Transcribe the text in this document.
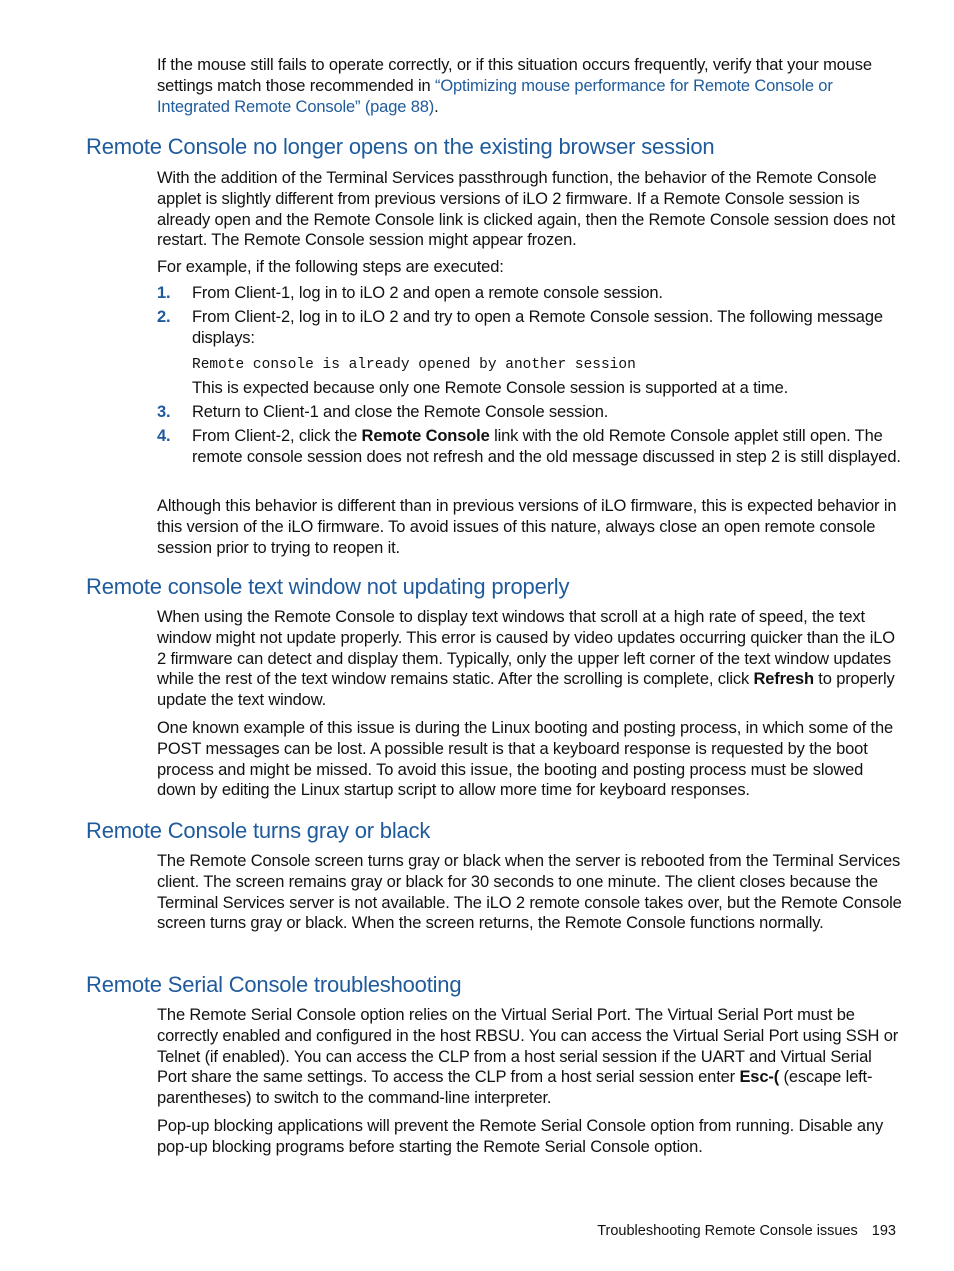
If the mouse still fails to operate correctly, or if this situation occurs frequently, verify that your mouse settings match those recommended in “Optimizing mouse performance for Remote Console or Integrated Remote Console” (page 88).

Remote Console no longer opens on the existing browser session

With the addition of the Terminal Services passthrough function, the behavior of the Remote Console applet is slightly different from previous versions of iLO 2 firmware. If a Remote Console session is already open and the Remote Console link is clicked again, then the Remote Console session does not restart. The Remote Console session might appear frozen.

For example, if the following steps are executed:

1. From Client-1, log in to iLO 2 and open a remote console session.
2. From Client-2, log in to iLO 2 and try to open a Remote Console session. The following message displays:
Remote console is already opened by another session

This is expected because only one Remote Console session is supported at a time.

3. Return to Client-1 and close the Remote Console session.
4. From Client-2, click the Remote Console link with the old Remote Console applet still open. The remote console session does not refresh and the old message discussed in step 2 is still displayed.

Although this behavior is different than in previous versions of iLO firmware, this is expected behavior in this version of the iLO firmware. To avoid issues of this nature, always close an open remote console session prior to trying to reopen it.

Remote console text window not updating properly

When using the Remote Console to display text windows that scroll at a high rate of speed, the text window might not update properly. This error is caused by video updates occurring quicker than the iLO 2 firmware can detect and display them. Typically, only the upper left corner of the text window updates while the rest of the text window remains static. After the scrolling is complete, click Refresh to properly update the text window.

One known example of this issue is during the Linux booting and posting process, in which some of the POST messages can be lost. A possible result is that a keyboard response is requested by the boot process and might be missed. To avoid this issue, the booting and posting process must be slowed down by editing the Linux startup script to allow more time for keyboard responses.

Remote Console turns gray or black

The Remote Console screen turns gray or black when the server is rebooted from the Terminal Services client. The screen remains gray or black for 30 seconds to one minute. The client closes because the Terminal Services server is not available. The iLO 2 remote console takes over, but the Remote Console screen turns gray or black. When the screen returns, the Remote Console functions normally.

Remote Serial Console troubleshooting

The Remote Serial Console option relies on the Virtual Serial Port. The Virtual Serial Port must be correctly enabled and configured in the host RBSU. You can access the Virtual Serial Port using SSH or Telnet (if enabled). You can access the CLP from a host serial session if the UART and Virtual Serial Port share the same settings. To access the CLP from a host serial session enter Esc-( (escape left-parentheses) to switch to the command-line interpreter.

Pop-up blocking applications will prevent the Remote Serial Console option from running. Disable any pop-up blocking programs before starting the Remote Serial Console option.

Troubleshooting Remote Console issues 193
